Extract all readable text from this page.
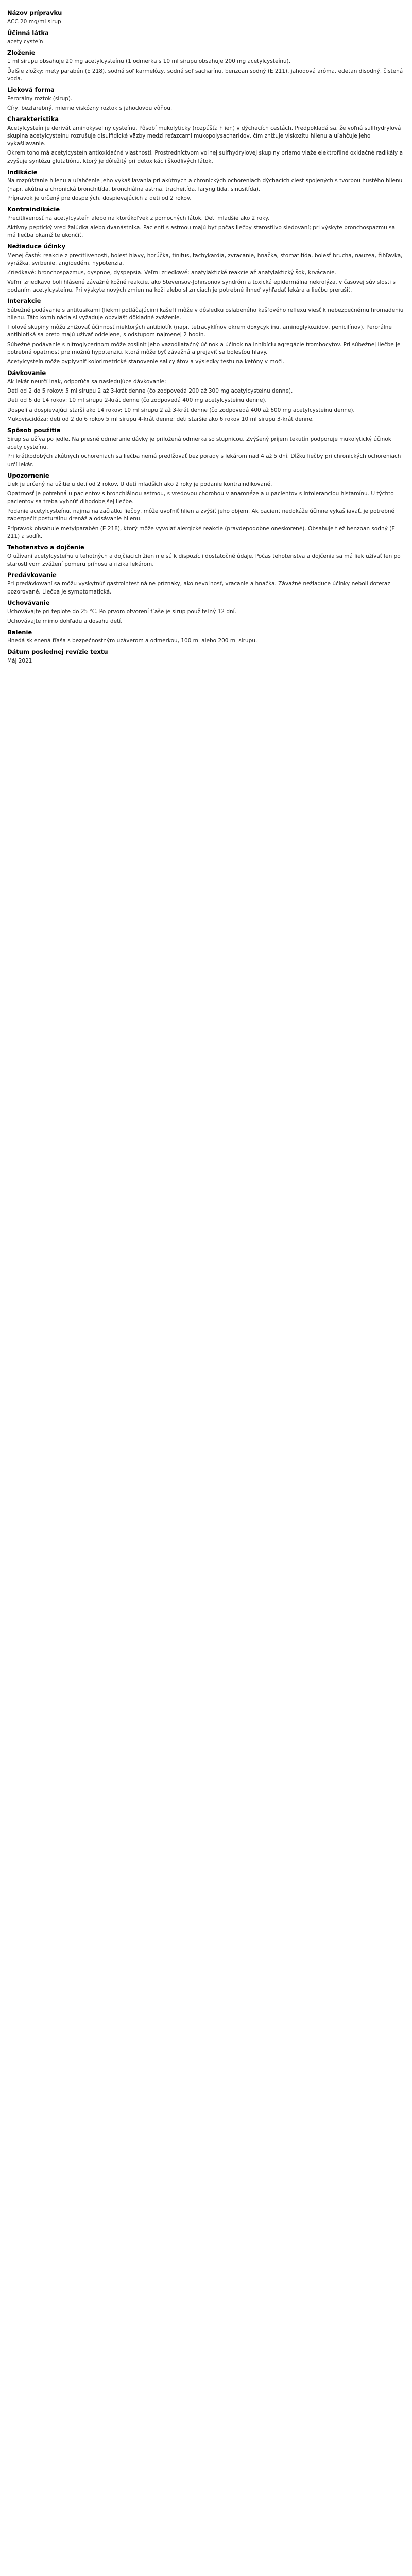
Názov prípravku
ACC 20 mg/ml sirup
Účinná látka
acetylcysteín
Zloženie
1 ml sirupu obsahuje 20 mg acetylcysteínu (1 odmerka s 10 ml sirupu obsahuje 200 mg acetylcysteínu).
Ďalšie zložky: metylparabén (E 218), sodná soľ karmelózy, sodná soľ sacharínu, benzoan sodný (E 211), jahodová aróma, edetan disodný, čistená voda.
Lieková forma
Perorálny roztok (sirup).
Číry, bezfarebný, mierne viskózny roztok s jahodovou vôňou.
Charakteristika
Acetylcysteín je derivát aminokyseliny cysteínu. Pôsobí mukolyticky (rozpúšťa hlien) v dýchacích cestách. Predpokladá sa, že voľná sulfhydrylová skupina acetylcysteínu rozrušuje disulfidické väzby medzi reťazcami mukopolysacharidov, čím znižuje viskozitu hlienu a uľahčuje jeho vykašliavanie.
Okrem toho má acetylcysteín antioxidačné vlastnosti. Prostredníctvom voľnej sulfhydrylovej skupiny priamo viaže elektrofilné oxidačné radikály a zvyšuje syntézu glutatiónu, ktorý je dôležitý pri detoxikácii škodlivých látok.
Indikácie
Na rozpúšťanie hlienu a uľahčenie jeho vykašliavania pri akútnych a chronických ochoreniach dýchacích ciest spojených s tvorbou hustého hlienu (napr. akútna a chronická bronchitída, bronchiálna astma, tracheitída, laryngitída, sinusitída).
Prípravok je určený pre dospelých, dospievajúcich a deti od 2 rokov.
Kontraindikácie
Precitlivenosť na acetylcysteín alebo na ktorúkoľvek z pomocných látok. Deti mladšie ako 2 roky.
Aktívny peptický vred žalúdka alebo dvanástnika. Pacienti s astmou majú byť počas liečby starostlivo sledovaní; pri výskyte bronchospazmu sa má liečba okamžite ukončiť.
Nežiaduce účinky
Menej časté: reakcie z precitlivenosti, bolesť hlavy, horúčka, tinitus, tachykardia, zvracanie, hnačka, stomatitída, bolesť brucha, nauzea, žihľavka, vyrážka, svrbenie, angioedém, hypotenzia.
Zriedkavé: bronchospazmus, dyspnoe, dyspepsia. Veľmi zriedkavé: anafylaktické reakcie až anafylaktický šok, krvácanie.
Veľmi zriedkavo boli hlásené závažné kožné reakcie, ako Stevensov-Johnsonov syndróm a toxická epidermálna nekrolýza, v časovej súvislosti s podaním acetylcysteínu. Pri výskyte nových zmien na koži alebo slizniciach je potrebné ihneď vyhľadať lekára a liečbu prerušiť.
Interakcie
Súbežné podávanie s antitusikami (liekmi potláčajúcimi kašeľ) môže v dôsledku oslabeného kašľového reflexu viesť k nebezpečnému hromadeniu hlienu. Táto kombinácia si vyžaduje obzvlášť dôkladné zváženie.
Tiolové skupiny môžu znižovať účinnosť niektorých antibiotík (napr. tetracyklínov okrem doxycyklínu, aminoglykozidov, penicilínov). Perorálne antibiotiká sa preto majú užívať oddelene, s odstupom najmenej 2 hodín.
Súbežné podávanie s nitroglycerínom môže zosilniť jeho vazodilatačný účinok a účinok na inhibíciu agregácie trombocytov. Pri súbežnej liečbe je potrebná opatrnosť pre možnú hypotenziu, ktorá môže byť závažná a prejaviť sa bolesťou hlavy.
Acetylcysteín môže ovplyvniť kolorimetrické stanovenie salicylátov a výsledky testu na ketóny v moči.
Dávkovanie
Ak lekár neurčí inak, odporúča sa nasledujúce dávkovanie:
Deti od 2 do 5 rokov: 5 ml sirupu 2 až 3-krát denne (čo zodpovedá 200 až 300 mg acetylcysteínu denne).
Deti od 6 do 14 rokov: 10 ml sirupu 2-krát denne (čo zodpovedá 400 mg acetylcysteínu denne).
Dospelí a dospievajúci starší ako 14 rokov: 10 ml sirupu 2 až 3-krát denne (čo zodpovedá 400 až 600 mg acetylcysteínu denne).
Mukoviscidóza: deti od 2 do 6 rokov 5 ml sirupu 4-krát denne; deti staršie ako 6 rokov 10 ml sirupu 3-krát denne.
Spôsob použitia
Sirup sa užíva po jedle. Na presné odmeranie dávky je priložená odmerka so stupnicou. Zvýšený príjem tekutín podporuje mukolytický účinok acetylcysteínu.
Pri krátkodobých akútnych ochoreniach sa liečba nemá predlžovať bez porady s lekárom nad 4 až 5 dní. Dĺžku liečby pri chronických ochoreniach určí lekár.
Upozornenie
Liek je určený na užitie u detí od 2 rokov. U detí mladších ako 2 roky je podanie kontraindikované.
Opatrnosť je potrebná u pacientov s bronchiálnou astmou, s vredovou chorobou v anamnéze a u pacientov s intoleranciou histamínu. U týchto pacientov sa treba vyhnúť dlhodobejšej liečbe.
Podanie acetylcysteínu, najmä na začiatku liečby, môže uvoľniť hlien a zvýšiť jeho objem. Ak pacient nedokáže účinne vykašliavať, je potrebné zabezpečiť posturálnu drenáž a odsávanie hlienu.
Prípravok obsahuje metylparabén (E 218), ktorý môže vyvolať alergické reakcie (pravdepodobne oneskorené). Obsahuje tiež benzoan sodný (E 211) a sodík.
Tehotenstvo a dojčenie
O užívaní acetylcysteínu u tehotných a dojčiacich žien nie sú k dispozícii dostatočné údaje. Počas tehotenstva a dojčenia sa má liek užívať len po starostlivom zvážení pomeru prínosu a rizika lekárom.
Predávkovanie
Pri predávkovaní sa môžu vyskytnúť gastrointestinálne príznaky, ako nevoľnosť, vracanie a hnačka. Závažné nežiaduce účinky neboli doteraz pozorované. Liečba je symptomatická.
Uchovávanie
Uchovávajte pri teplote do 25 °C. Po prvom otvorení fľaše je sirup použiteľný 12 dní.
Uchovávajte mimo dohľadu a dosahu detí.
Balenie
Hnedá sklenená fľaša s bezpečnostným uzáverom a odmerkou, 100 ml alebo 200 ml sirupu.
Dátum poslednej revízie textu
Máj 2021
